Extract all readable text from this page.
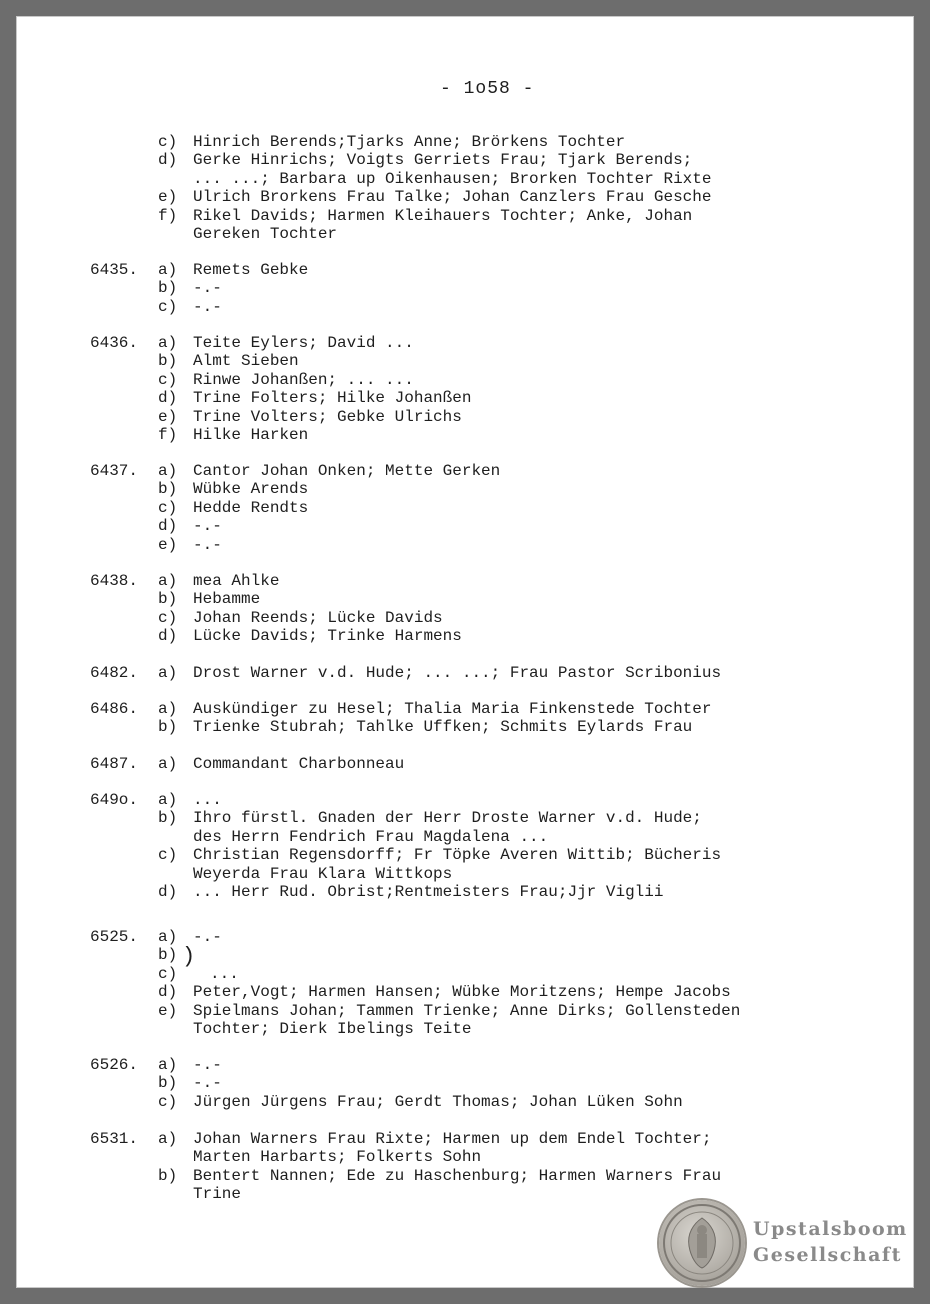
- 1o58 -
c) Hinrich Berends;Tjarks Anne; Brörkens Tochter
d) Gerke Hinrichs; Voigts Gerriets Frau; Tjark Berends;
... ...; Barbara up Oikenhausen; Brorken Tochter Rixte
e) Ulrich Brorkens Frau Talke; Johan Canzlers Frau Gesche
f) Rikel Davids; Harmen Kleihauers Tochter; Anke, Johan
Gereken Tochter
6435.	a) Remets Gebke
b) -.-
c) -.-
6436.	a) Teite Eylers; David ...
b) Almt Sieben
c) Rinwe Johanßen; ... ...
d) Trine Folters; Hilke Johanßen
e) Trine Volters; Gebke Ulrichs
f) Hilke Harken
6437.	a) Cantor Johan Onken; Mette Gerken
b) Wübke Arends
c) Hedde Rendts
d) -.-
e) -.-
6438.	a) mea Ahlke
b) Hebamme
c) Johan Reends; Lücke Davids
d) Lücke Davids; Trinke Harmens
6482.	a) Drost Warner v.d. Hude; ... ...; Frau Pastor Scribonius
6486.	a) Auskündiger zu Hesel; Thalia Maria Finkenstede Tochter
b) Trienke Stubrah; Tahlke Uffken; Schmits Eylards Frau
6487.	a) Commandant Charbonneau
649o.	a) ...
b) Ihro fürstl. Gnaden der Herr Droste Warner v.d. Hude;
des Herrn Fendrich Frau Magdalena ...
c) Christian Regensdorff; Fr Töpke Averen Wittib; Bücheris
Weyerda Frau Klara Wittkops
d) ... Herr Rud. Obrist;Rentmeisters Frau;Jjr Viglii
6525.	a) -.-
b)
c) ...
d) Peter,Vogt; Harmen Hansen; Wübke Moritzens; Hempe Jacobs
e) Spielmans Johan; Tammen Trienke; Anne Dirks; Gollensteden
Tochter; Dierk Ibelings Teite
6526.	a) -.-
b) -.-
c) Jürgen Jürgens Frau; Gerdt Thomas; Johan Lüken Sohn
6531.	a) Johan Warners Frau Rixte; Harmen up dem Endel Tochter;
Marten Harbarts; Folkerts Sohn
b) Bentert Nannen; Ede zu Haschenburg; Harmen Warners Frau
Trine
)
Upstalsboom
Gesellschaft
